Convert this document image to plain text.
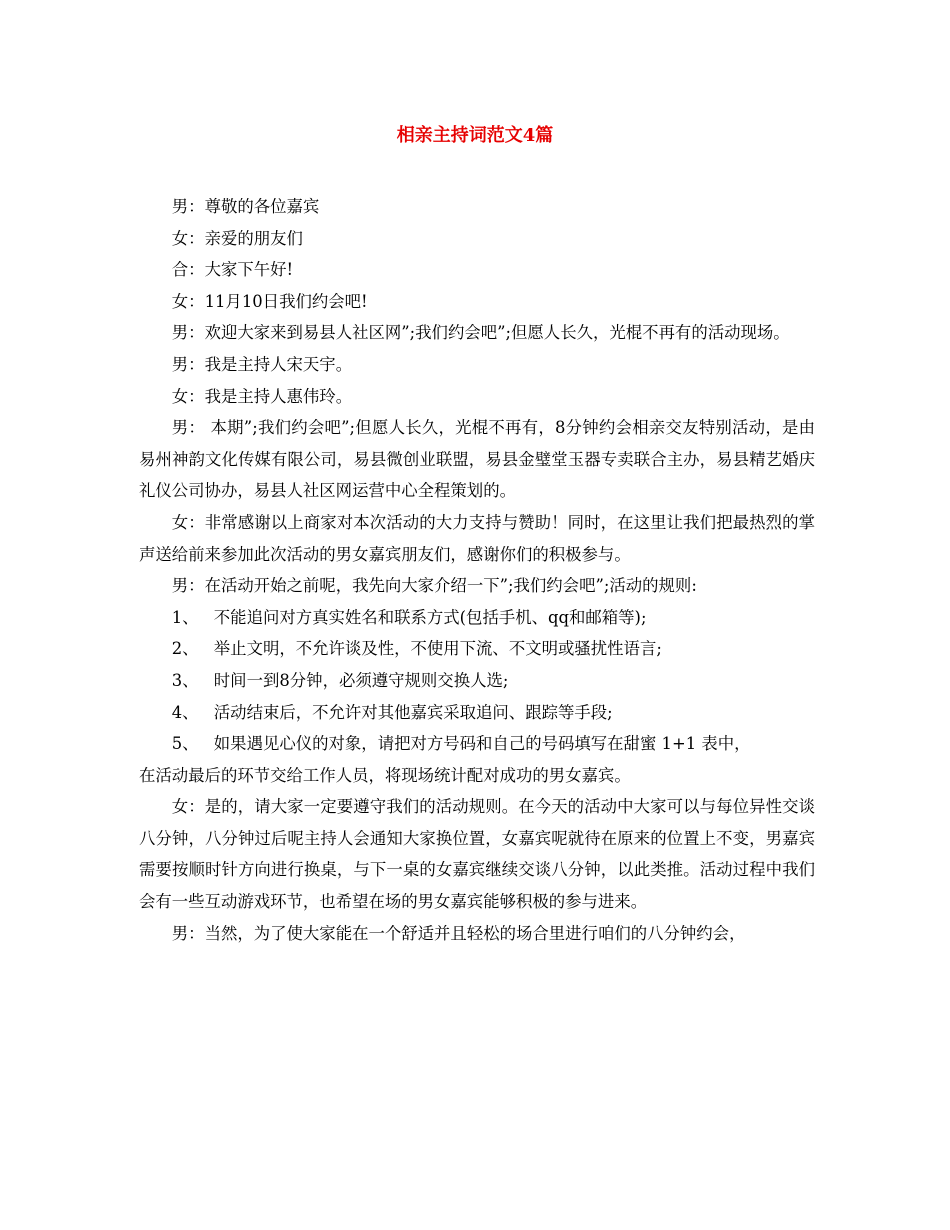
相亲主持词范文4篇

男：尊敬的各位嘉宾

女：亲爱的朋友们

合：大家下午好!

女：11月10日我们约会吧!

男：欢迎大家来到易县人社区网”;我们约会吧”;但愿人长久，光棍不再有的活动现场。

男：我是主持人宋天宇。

女：我是主持人惠伟玲。

男： 本期”;我们约会吧”;但愿人长久，光棍不再有，8分钟约会相亲交友特别活动，是由易州神韵文化传媒有限公司，易县微创业联盟，易县金璧堂玉器专卖联合主办，易县精艺婚庆礼仪公司协办，易县人社区网运营中心全程策划的。

女：非常感谢以上商家对本次活动的大力支持与赞助！同时，在这里让我们把最热烈的掌声送给前来参加此次活动的男女嘉宾朋友们，感谢你们的积极参与。

男：在活动开始之前呢，我先向大家介绍一下”;我们约会吧”;活动的规则:

1、 不能追问对方真实姓名和联系方式(包括手机、qq和邮箱等);

2、 举止文明，不允许谈及性，不使用下流、不文明或骚扰性语言;

3、 时间一到8分钟，必须遵守规则交换人选;

4、 活动结束后，不允许对其他嘉宾采取追问、跟踪等手段;

5、 如果遇见心仪的对象，请把对方号码和自己的号码填写在甜蜜 1+1 表中，

在活动最后的环节交给工作人员，将现场统计配对成功的男女嘉宾。

女：是的，请大家一定要遵守我们的活动规则。在今天的活动中大家可以与每位异性交谈八分钟，八分钟过后呢主持人会通知大家换位置，女嘉宾呢就待在原来的位置上不变，男嘉宾需要按顺时针方向进行换桌，与下一桌的女嘉宾继续交谈八分钟，以此类推。活动过程中我们会有一些互动游戏环节，也希望在场的男女嘉宾能够积极的参与进来。

男：当然，为了使大家能在一个舒适并且轻松的场合里进行咱们的八分钟约会，
